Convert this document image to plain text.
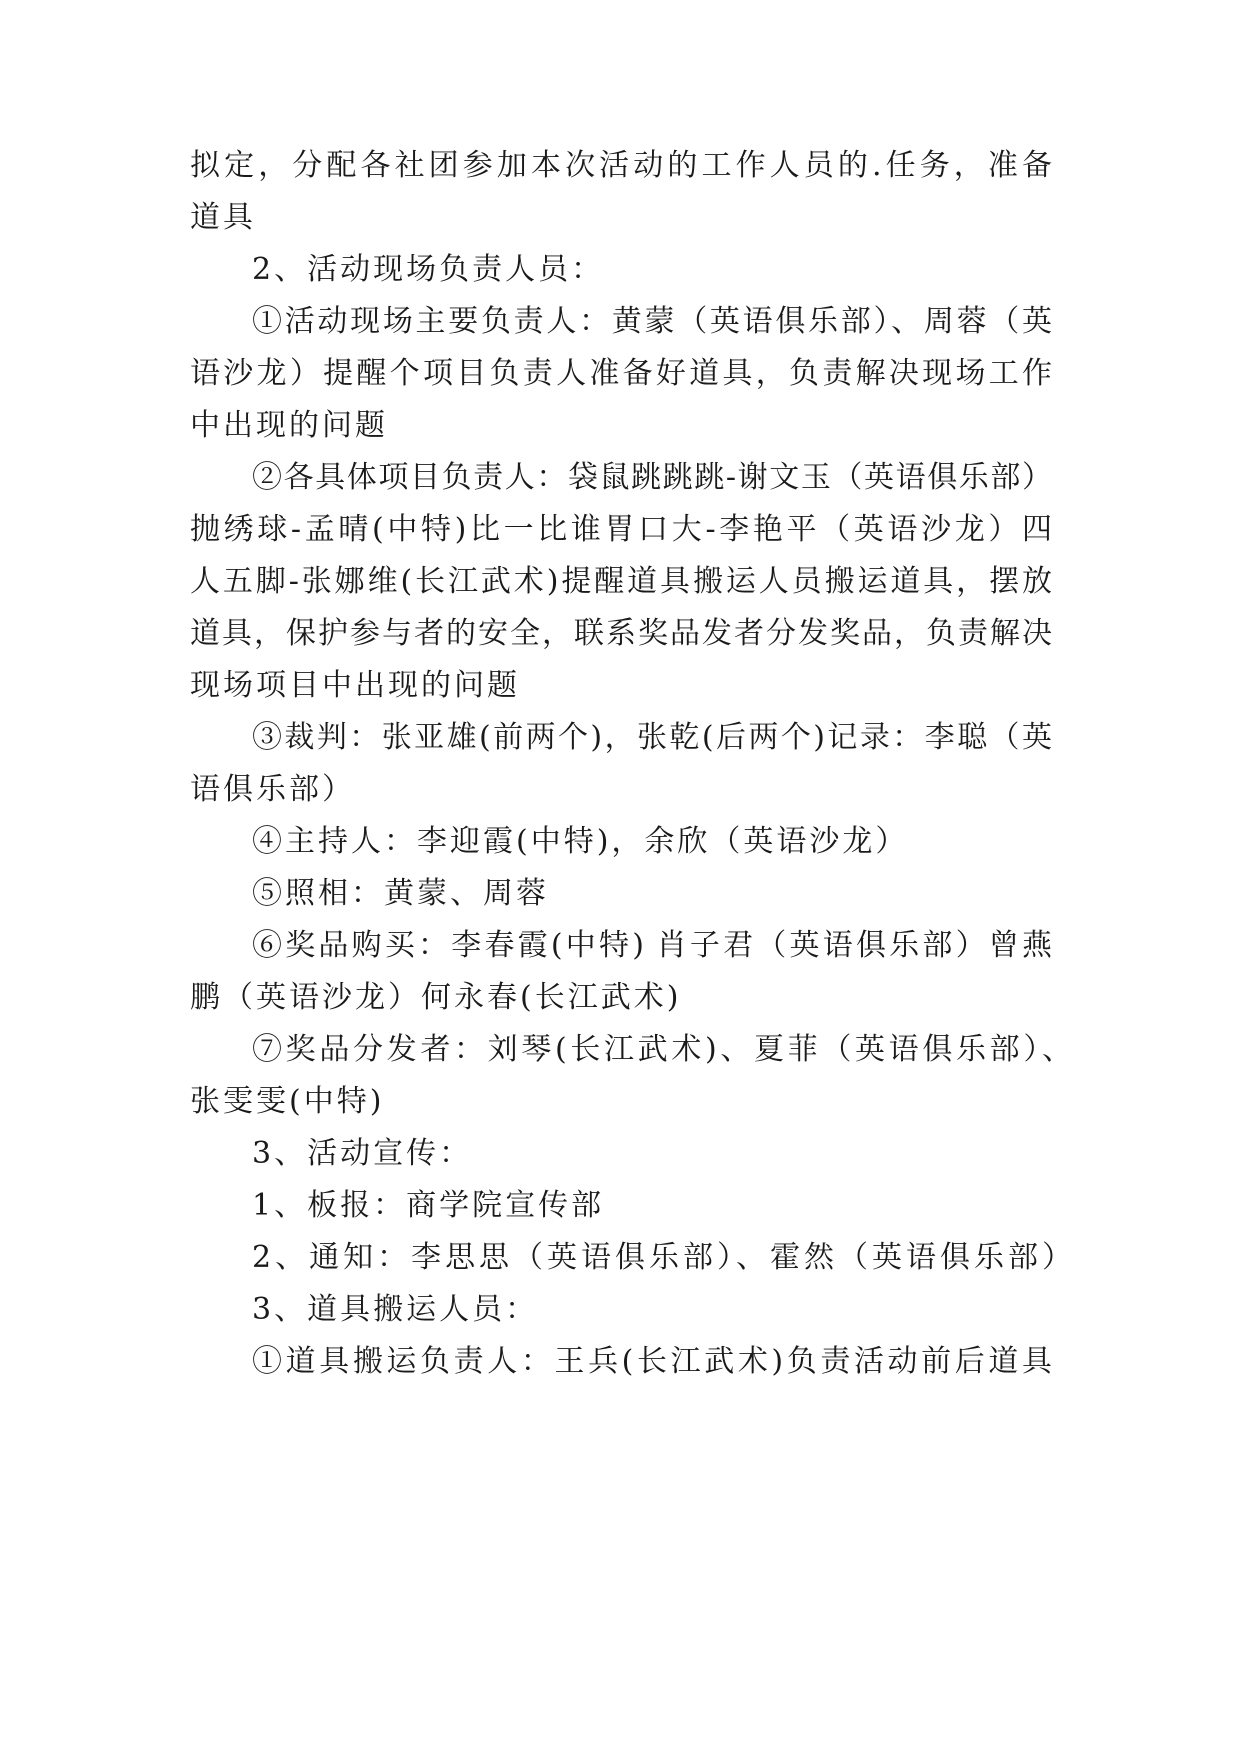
拟定，分配各社团参加本次活动的工作人员的.任务，准备
道具
2、活动现场负责人员：
①活动现场主要负责人：黄蒙（英语俱乐部）、周蓉（英
语沙龙）提醒个项目负责人准备好道具，负责解决现场工作
中出现的问题
②各具体项目负责人：袋鼠跳跳跳-谢文玉（英语俱乐部）
抛绣球-孟晴(中特)比一比谁胃口大-李艳平（英语沙龙）四
人五脚-张娜维(长江武术)提醒道具搬运人员搬运道具，摆放
道具，保护参与者的安全，联系奖品发者分发奖品，负责解决
现场项目中出现的问题
③裁判：张亚雄(前两个)，张乾(后两个)记录：李聪（英
语俱乐部）
④主持人：李迎霞(中特)，余欣（英语沙龙）
⑤照相：黄蒙、周蓉
⑥奖品购买：李春霞(中特) 肖子君（英语俱乐部）曾燕
鹏（英语沙龙）何永春(长江武术)
⑦奖品分发者：刘琴(长江武术)、夏菲（英语俱乐部）、
张雯雯(中特)
3、活动宣传：
1、板报：商学院宣传部
2、通知：李思思（英语俱乐部）、霍然（英语俱乐部）
3、道具搬运人员：
①道具搬运负责人：王兵(长江武术)负责活动前后道具
